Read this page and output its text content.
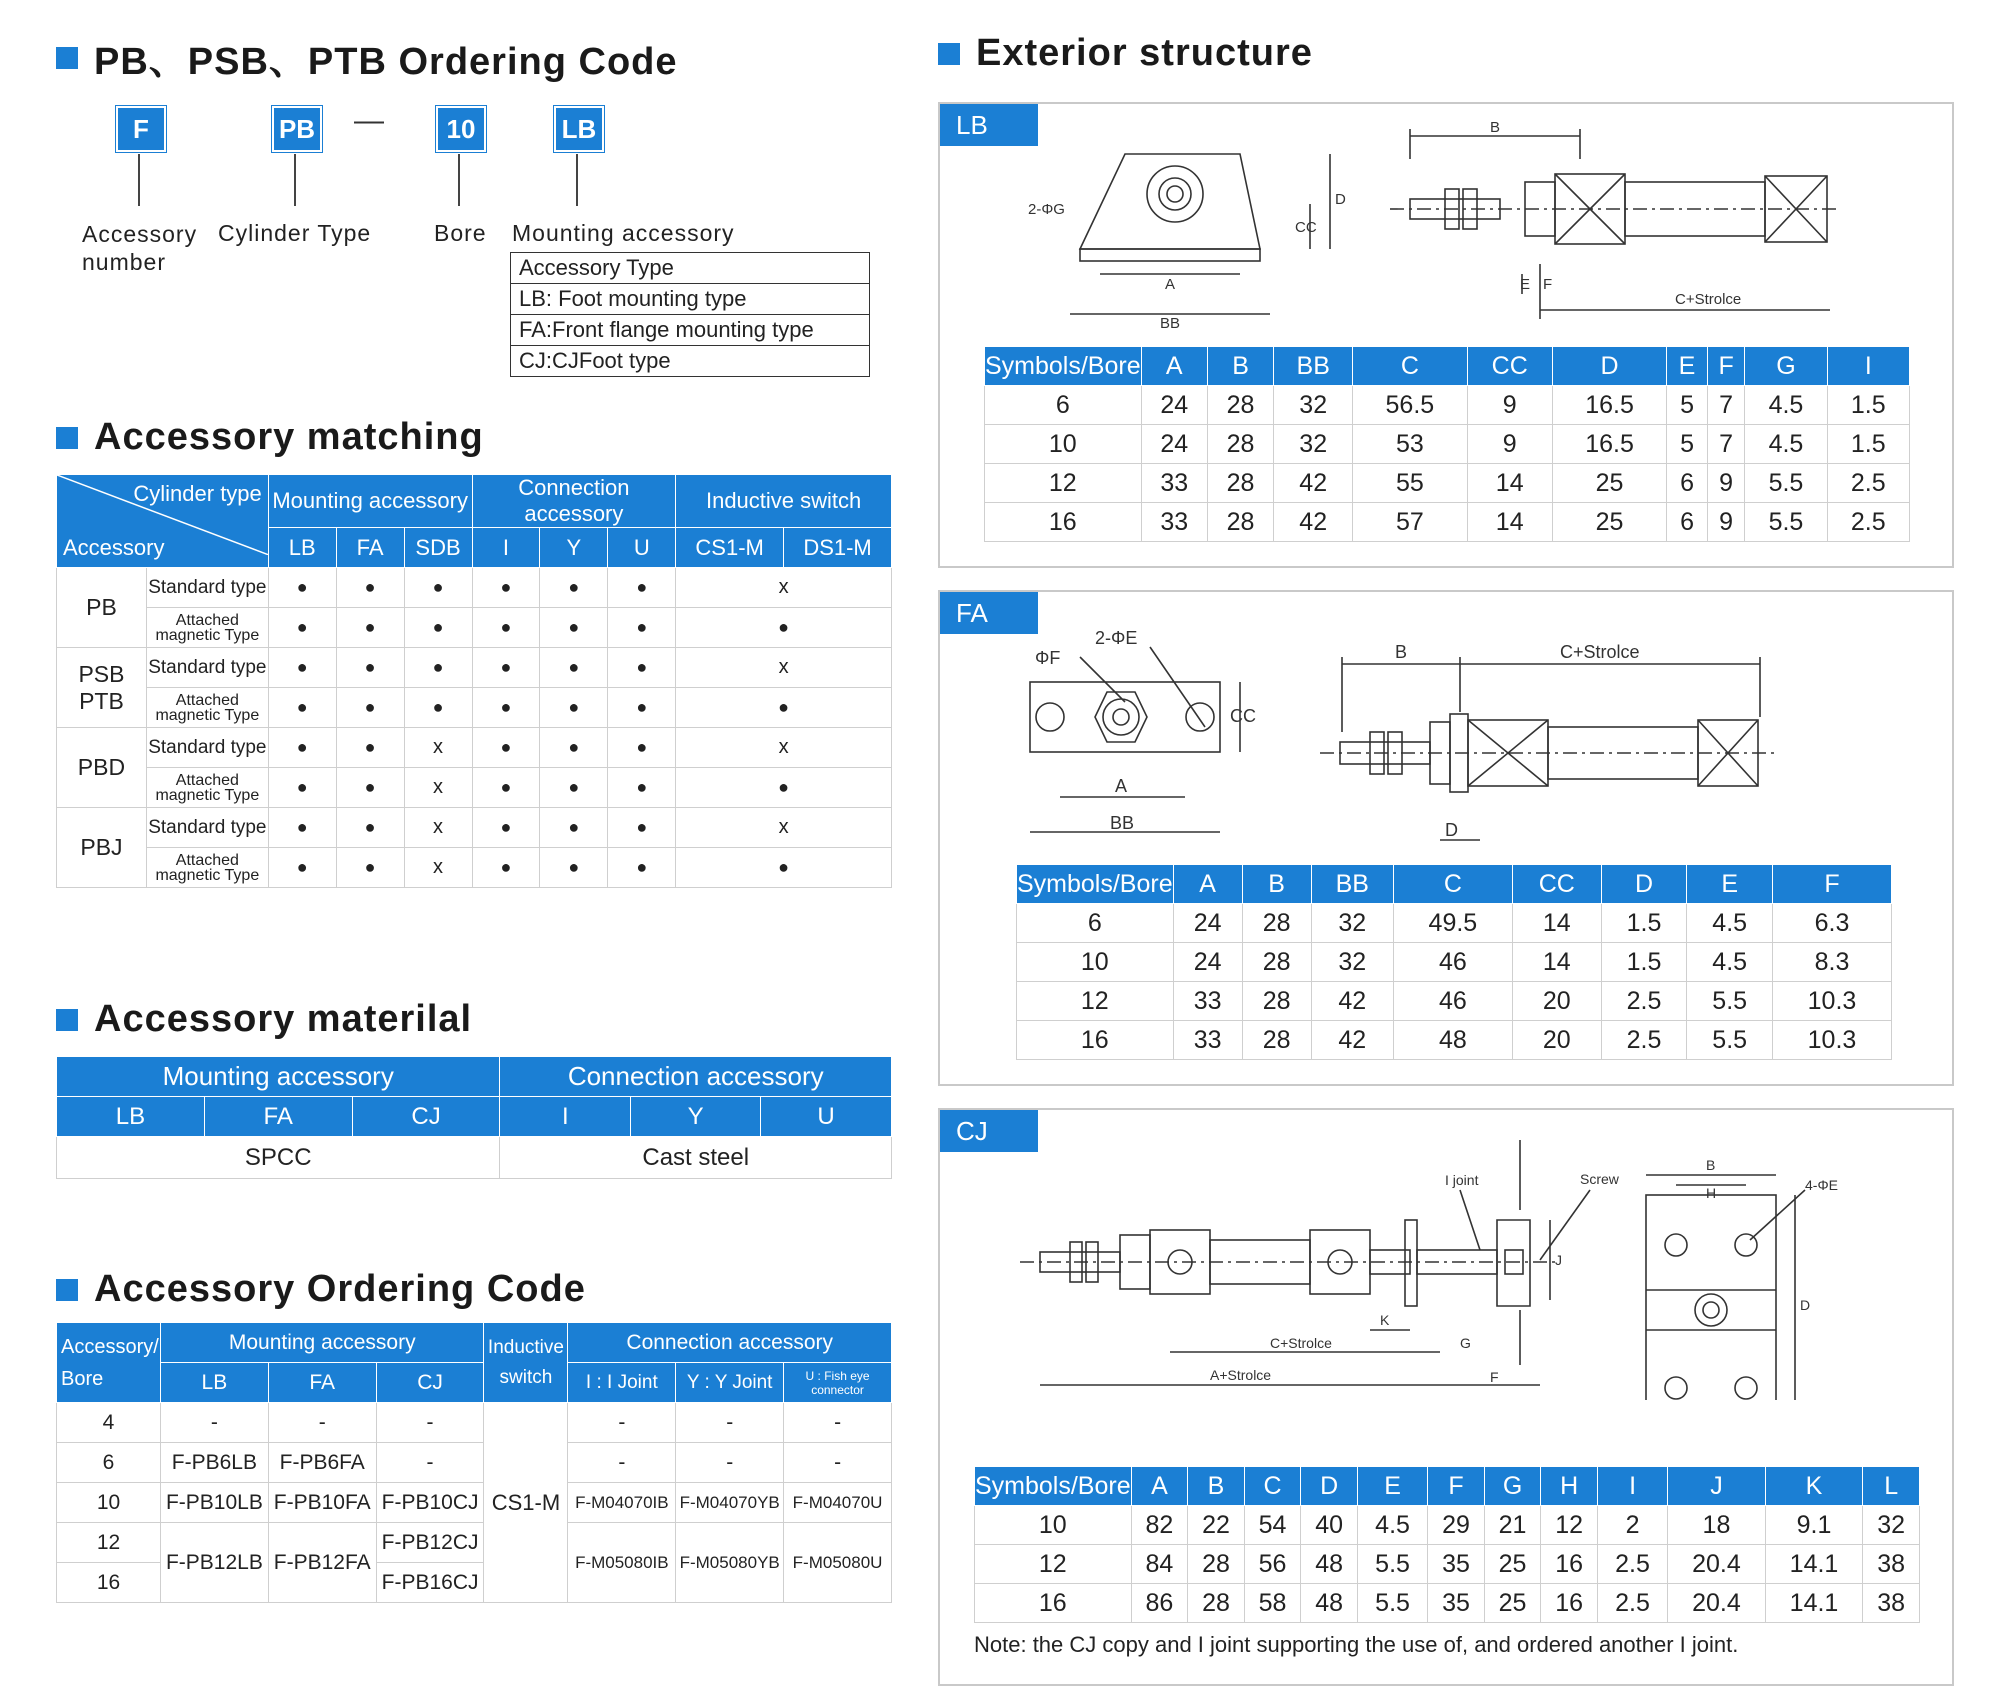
PB、PSB、PTB Ordering Code
F	PB —	10	LB
Accessory number
Cylinder Type	Bore Mounting accessory
Accessory Type
LB: Foot mounting type
FA:Front flange mounting type
CJ:CJFoot type
Accessory matching
Cylinder type
Accessory		Mounting accessory			Connection accessory			Inductive switch	
		LB	FA	SDB	I	Y	U	CS1-M	DS1-M
PB	Standard type	●	●	●	●	●	●	x	
	Attached magnetic Type	●	●	●	●	●	●	●	
PSB PTB	Standard type	●	●	●	●	●	●	x	
	Attached magnetic Type	●	●	●	●	●	●	●	
PBD	Standard type	●	●	x	●	●	●	x	
	Attached magnetic Type	●	●	x	●	●	●	●	
PBJ	Standard type	●	●	x	●	●	●	x	
	Attached magnetic Type	●	●	x	●	●	●	●	
Accessory materilal
Mounting accessory			Connection accessory		
LB	FA	CJ	I	Y	U
SPCC			Cast steel		
Accessory Ordering Code
Accessory/ Bore	Mounting accessory			Inductive switch	Connection accessory		
	LB	FA	CJ		I : I Joint	Y : Y Joint	U : Fish eye connector
4	-	-	-	CS1-M	-	-	-
6	F-PB6LB	F-PB6FA	-		-	-	-
10	F-PB10LB	F-PB10FA	F-PB10CJ		F-M04070IB	F-M04070YB	F-M04070U
12	F-PB12LB	F-PB12FA	F-PB12CJ		F-M05080IB	F-M05080YB	F-M05080U
16			F-PB16CJ				
Exterior structure
LB
2-ΦG
A
BB
CC
D
B
E F
C+Strolce
Symbols/Bore	A	B	BB	C	CC	D	E	F	G	I
6	24	28	32	56.5	9	16.5	5	7	4.5	1.5
10	24	28	32	53	9	16.5	5	7	4.5	1.5
12	33	28	42	55	14	25	6	9	5.5	2.5
16	33	28	42	57	14	25	6	9	5.5	2.5
FA
ΦF
2-ΦE
CC
A
BB
B	C+Strolce
D
Symbols/Bore	A	B	BB	C	CC	D	E	F
6	24	28	32	49.5	14	1.5	4.5	6.3
10	24	28	32	46	14	1.5	4.5	8.3
12	33	28	42	46	20	2.5	5.5	10.3
16	33	28	42	48	20	2.5	5.5	10.3
CJ
I joint	Screw
B
H	4-ΦE
J
K
C+Strolce	G
A+Strolce	F
D
Symbols/Bore	A	B	C	D	E	F	G	H	I	J	K	L
10	82	22	54	40	4.5	29	21	12	2	18	9.1	32
12	84	28	56	48	5.5	35	25	16	2.5	20.4	14.1	38
16	86	28	58	48	5.5	35	25	16	2.5	20.4	14.1	38
Note: the CJ copy and I joint supporting the use of, and ordered another I joint.
